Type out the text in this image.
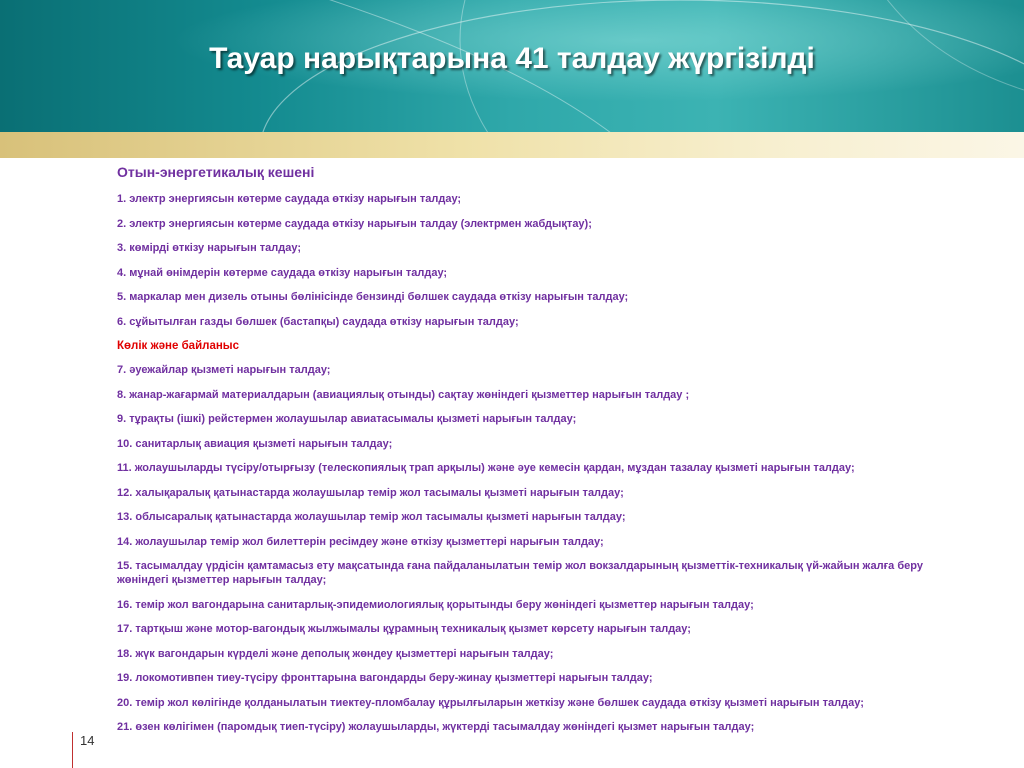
Тауар нарықтарына 41 талдау жүргізілді
Отын-энергетикалық кешені
1. электр энергиясын көтерме саудада өткізу нарығын талдау;
2. электр энергиясын көтерме саудада өткізу нарығын талдау (электрмен жабдықтау);
3. көмірді өткізу нарығын талдау;
4. мұнай өнімдерін көтерме саудада өткізу нарығын талдау;
5. маркалар мен дизель отыны бөлінісінде бензинді бөлшек саудада өткізу нарығын талдау;
6. сұйытылған газды бөлшек (бастапқы) саудада өткізу нарығын талдау;
Көлік және байланыс
7. әуежайлар қызметі нарығын талдау;
8. жанар-жағармай материалдарын (авиациялық отынды) сақтау жөніндегі қызметтер нарығын талдау ;
9. тұрақты (ішкі) рейстермен жолаушылар авиатасымалы қызметі нарығын талдау;
10. санитарлық авиация қызметі нарығын талдау;
11. жолаушыларды түсіру/отырғызу (телескопиялық трап арқылы) және әуе кемесін қардан, мұздан тазалау қызметі нарығын талдау;
12. халықаралық қатынастарда жолаушылар темір жол тасымалы қызметі нарығын талдау;
13. облысаралық қатынастарда жолаушылар темір жол тасымалы қызметі нарығын талдау;
14. жолаушылар темір жол билеттерін ресімдеу және өткізу қызметтері нарығын талдау;
15. тасымалдау үрдісін қамтамасыз ету мақсатында ғана пайдаланылатын темір жол вокзалдарының қызметтік-техникалық үй-жайын жалға беру жөніндегі қызметтер нарығын талдау;
16. темір жол вагондарына санитарлық-эпидемиологиялық қорытынды беру жөніндегі қызметтер нарығын талдау;
17. тартқыш және мотор-вагондық жылжымалы құрамның техникалық қызмет көрсету нарығын талдау;
18. жүк вагондарын күрделі және деполық жөндеу қызметтері нарығын талдау;
19. локомотивпен тиеу-түсіру фронттарына вагондарды беру-жинау қызметтері нарығын талдау;
20. темір жол көлігінде қолданылатын тиектеу-пломбалау құрылғыларын жеткізу және бөлшек саудада өткізу қызметі нарығын талдау;
21. өзен көлігімен (паромдық тиеп-түсіру) жолаушыларды, жүктерді тасымалдау жөніндегі қызмет нарығын талдау;
14
